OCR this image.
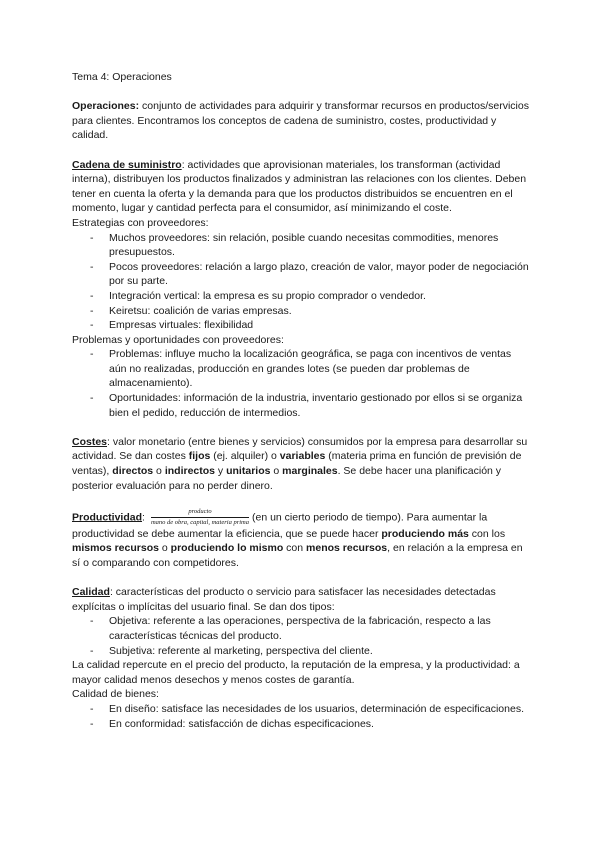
Tema 4: Operaciones

Operaciones: conjunto de actividades para adquirir y transformar recursos en productos/servicios para clientes. Encontramos los conceptos de cadena de suministro, costes, productividad y calidad.

Cadena de suministro: actividades que aprovisionan materiales, los transforman (actividad interna), distribuyen los productos finalizados y administran las relaciones con los clientes. Deben tener en cuenta la oferta y la demanda para que los productos distribuidos se encuentren en el momento, lugar y cantidad perfecta para el consumidor, así minimizando el coste.

Estrategias con proveedores:

- Muchos proveedores: sin relación, posible cuando necesitas commodities, menores presupuestos.
- Pocos proveedores: relación a largo plazo, creación de valor, mayor poder de negociación por su parte.
- Integración vertical: la empresa es su propio comprador o vendedor.
- Keiretsu: coalición de varias empresas.
- Empresas virtuales: flexibilidad

Problemas y oportunidades con proveedores:

- Problemas: influye mucho la localización geográfica, se paga con incentivos de ventas aún no realizadas, producción en grandes lotes (se pueden dar problemas de almacenamiento).
- Oportunidades: información de la industria, inventario gestionado por ellos si se organiza bien el pedido, reducción de intermedios.

Costes: valor monetario (entre bienes y servicios) consumidos por la empresa para desarrollar su actividad. Se dan costes fijos (ej. alquiler) o variables (materia prima en función de previsión de ventas), directos o indirectos y unitarios o marginales. Se debe hacer una planificación y posterior evaluación para no perder dinero.

Productividad: $\frac{\text{producto}}{\text{mano de obra, capital, materia prima}} (en$ un cierto periodo de tiempo). Para aumentar la productividad se debe aumentar la eficiencia, que se puede hacer produciendo más con los mismos recursos o produciendo lo mismo con menos recursos, en relación a la empresa en sí o comparando con competidores.

Calidad: características del producto o servicio para satisfacer las necesidades detectadas explícitas o implícitas del usuario final. Se dan dos tipos:

- Objetiva: referente a las operaciones, perspectiva de la fabricación, respecto a las características técnicas del producto.
- Subjetiva: referente al marketing, perspectiva del cliente.

La calidad repercute en el precio del producto, la reputación de la empresa, y la productividad: a mayor calidad menos desechos y menos costes de garantía.

Calidad de bienes:

- En diseño: satisface las necesidades de los usuarios, determinación de especificaciones.
- En conformidad: satisfacción de dichas especificaciones.
